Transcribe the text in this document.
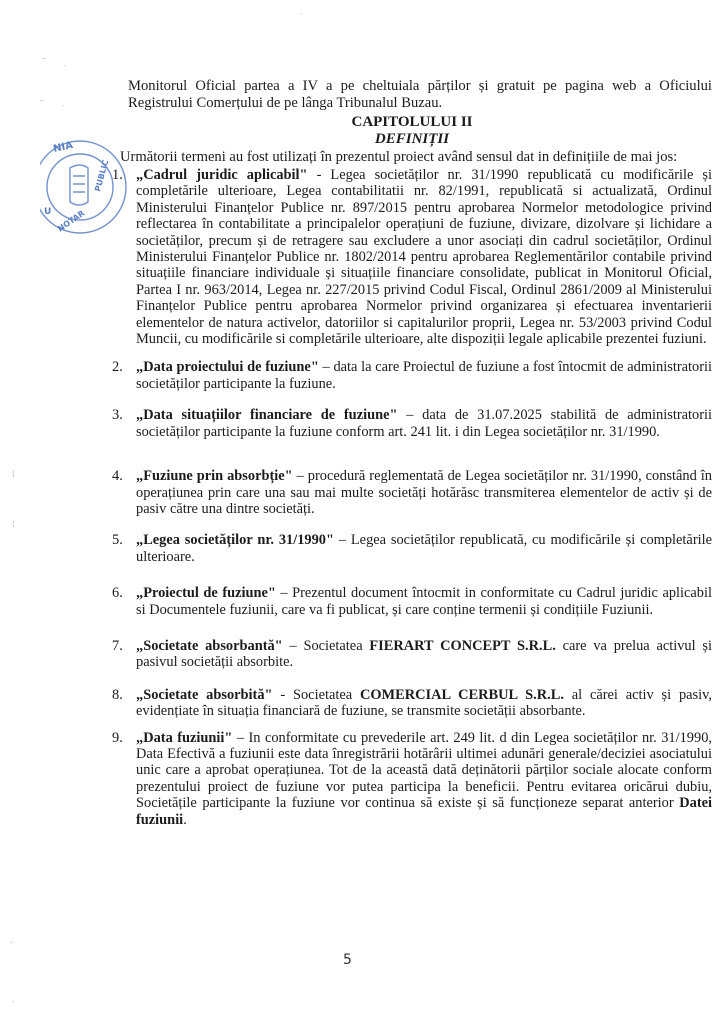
–
·
–
·
·
¦
¦
ᐟ
·
NIA
PUBLIC
NOTAR
U
Monitorul Oficial partea a IV a pe cheltuiala părților și gratuit pe pagina web a Oficiului Registrului Comerțului de pe lânga Tribunalul Buzau.
CAPITOLULUI II
DEFINIȚII
Următorii termeni au fost utilizați în prezentul proiect având sensul dat in definițiile de mai jos:
1. „Cadrul juridic aplicabil" - Legea societăților nr. 31/1990 republicată cu modificările și completările ulterioare, Legea contabilitatii nr. 82/1991, republicată si actualizată, Ordinul Ministerului Finanțelor Publice nr. 897/2015 pentru aprobarea Normelor metodologice privind reflectarea în contabilitate a principalelor operațiuni de fuziune, divizare, dizolvare și lichidare a societăților, precum și de retragere sau excludere a unor asociați din cadrul societăților, Ordinul Ministerului Finanțelor Publice nr. 1802/2014 pentru aprobarea Reglementărilor contabile privind situațiile financiare individuale și situațiile financiare consolidate, publicat in Monitorul Oficial, Partea I nr. 963/2014, Legea nr. 227/2015 privind Codul Fiscal, Ordinul 2861/2009 al Ministerului Finanțelor Publice pentru aprobarea Normelor privind organizarea și efectuarea inventarierii elementelor de natura activelor, datoriilor si capitalurilor proprii, Legea nr. 53/2003 privind Codul Muncii, cu modificările si completările ulterioare, alte dispoziții legale aplicabile prezentei fuziuni.
2. „Data proiectului de fuziune" – data la care Proiectul de fuziune a fost întocmit de administratorii societăților participante la fuziune.
3. „Data situațiilor financiare de fuziune" – data de 31.07.2025 stabilită de administratorii societăților participante la fuziune conform art. 241 lit. i din Legea societăților nr. 31/1990.
4. „Fuziune prin absorbție" – procedură reglementată de Legea societăților nr. 31/1990, constând în operațiunea prin care una sau mai multe societăți hotărăsc transmiterea elementelor de activ și de pasiv către una dintre societăți.
5. „Legea societăților nr. 31/1990" – Legea societăților republicată, cu modificările și completările ulterioare.
6. „Proiectul de fuziune" – Prezentul document întocmit in conformitate cu Cadrul juridic aplicabil si Documentele fuziunii, care va fi publicat, și care conține termenii și condițiile Fuziunii.
7. „Societate absorbantă" – Societatea FIERART CONCEPT S.R.L. care va prelua activul și pasivul societății absorbite.
8. „Societate absorbită" - Societatea COMERCIAL CERBUL S.R.L. al cărei activ și pasiv, evidențiate în situația financiară de fuziune, se transmite societății absorbante.
9. „Data fuziunii" – In conformitate cu prevederile art. 249 lit. d din Legea societăților nr. 31/1990, Data Efectivă a fuziunii este data înregistrării hotărârii ultimei adunări generale/deciziei asociatului unic care a aprobat operațiunea. Tot de la această dată deținătorii părților sociale alocate conform prezentului proiect de fuziune vor putea participa la beneficii. Pentru evitarea oricărui dubiu, Societățile participante la fuziune vor continua să existe și să funcționeze separat anterior Datei fuziunii.
5
